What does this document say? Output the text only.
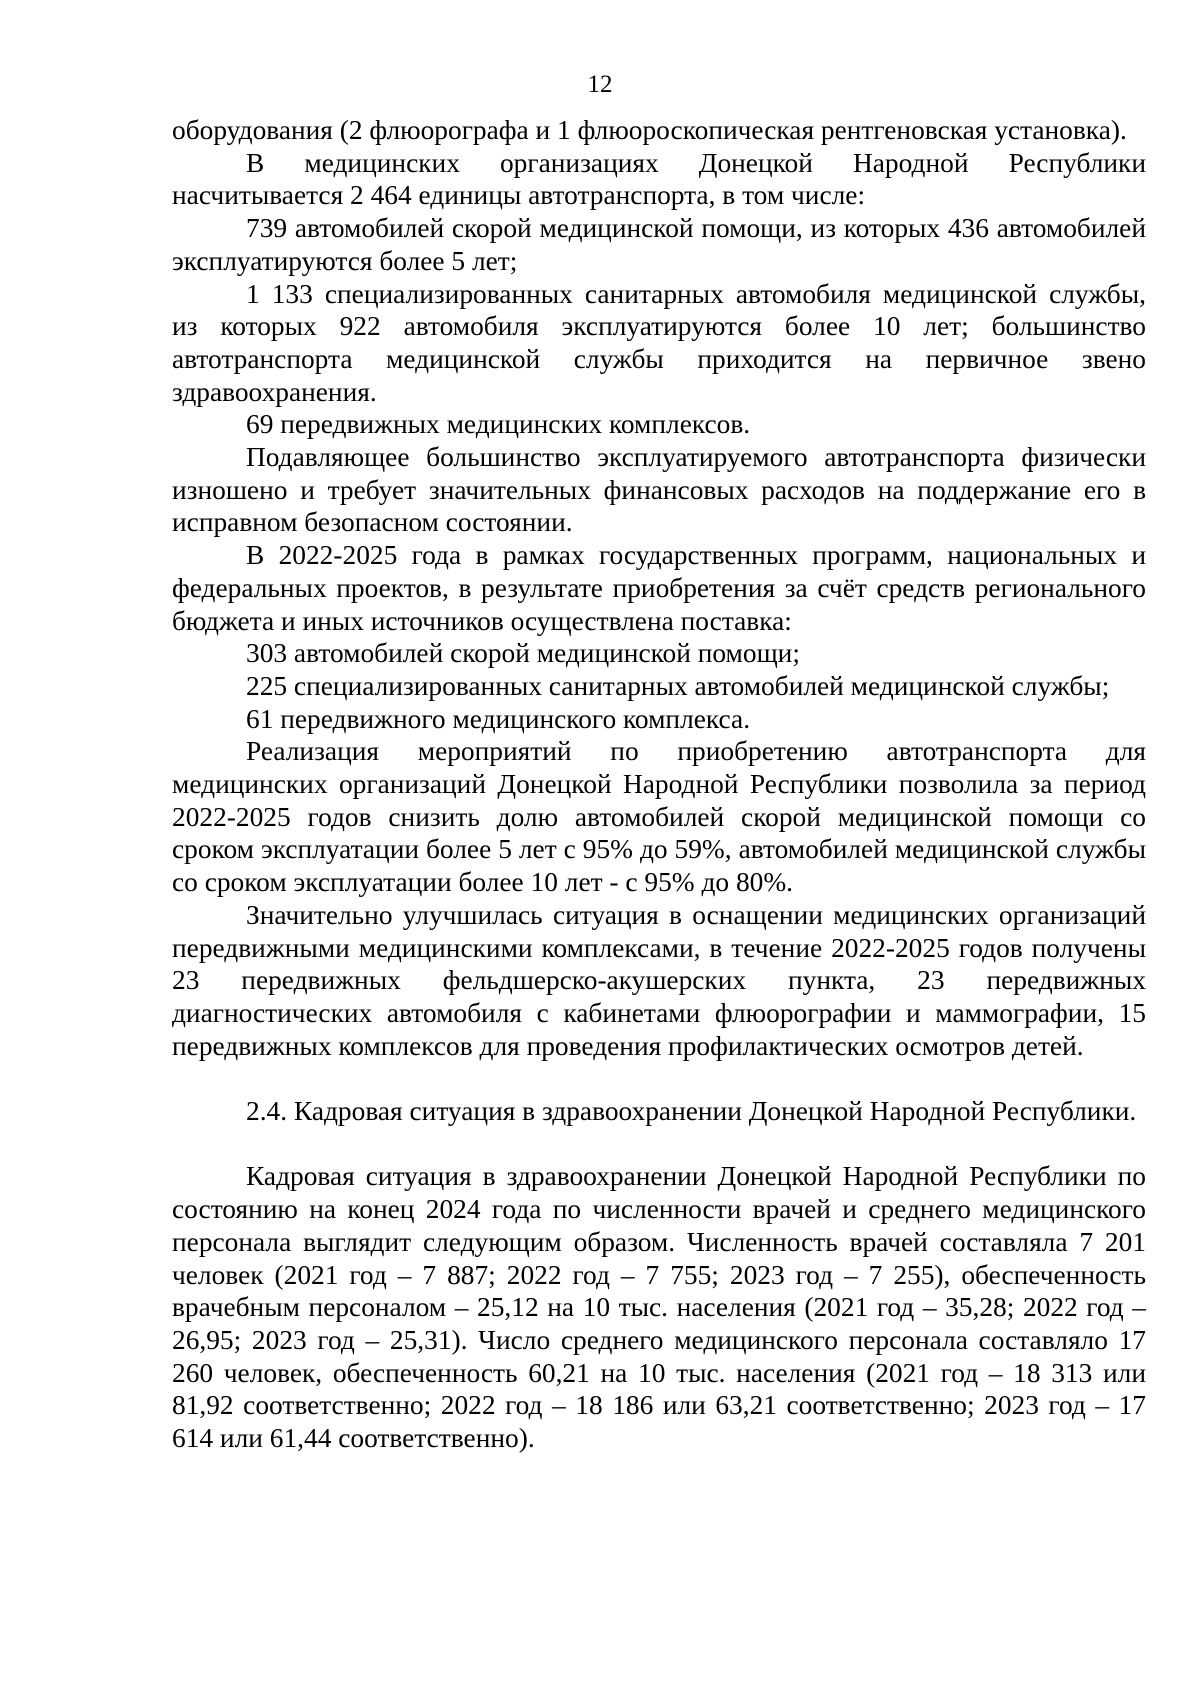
12

оборудования (2 флюорографа и 1 флюороскопическая рентгеновская установка).

В медицинских организациях Донецкой Народной Республики насчитывается 2 464 единицы автотранспорта, в том числе:

739 автомобилей скорой медицинской помощи, из которых 436 автомобилей эксплуатируются более 5 лет;

1 133 специализированных санитарных автомобиля медицинской службы, из которых 922 автомобиля эксплуатируются более 10 лет; большинство автотранспорта медицинской службы приходится на первичное звено здравоохранения.

69 передвижных медицинских комплексов.

Подавляющее большинство эксплуатируемого автотранспорта физически изношено и требует значительных финансовых расходов на поддержание его в исправном безопасном состоянии.

В 2022-2025 года в рамках государственных программ, национальных и федеральных проектов, в результате приобретения за счёт средств регионального бюджета и иных источников осуществлена поставка:

303 автомобилей скорой медицинской помощи;

225 специализированных санитарных автомобилей медицинской службы;

61 передвижного медицинского комплекса.

Реализация мероприятий по приобретению автотранспорта для медицинских организаций Донецкой Народной Республики позволила за период 2022-2025 годов снизить долю автомобилей скорой медицинской помощи со сроком эксплуатации более 5 лет с 95% до 59%, автомобилей медицинской службы со сроком эксплуатации более 10 лет - с 95% до 80%.

Значительно улучшилась ситуация в оснащении медицинских организаций передвижными медицинскими комплексами, в течение 2022-2025 годов получены 23 передвижных фельдшерско-акушерских пункта, 23 передвижных диагностических автомобиля с кабинетами флюорографии и маммографии, 15 передвижных комплексов для проведения профилактических осмотров детей.

2.4. Кадровая ситуация в здравоохранении Донецкой Народной Республики.

Кадровая ситуация в здравоохранении Донецкой Народной Республики по состоянию на конец 2024 года по численности врачей и среднего медицинского персонала выглядит следующим образом. Численность врачей составляла 7 201 человек (2021 год – 7 887; 2022 год – 7 755; 2023 год – 7 255), обеспеченность врачебным персоналом – 25,12 на 10 тыс. населения (2021 год – 35,28; 2022 год – 26,95; 2023 год – 25,31). Число среднего медицинского персонала составляло 17 260 человек, обеспеченность 60,21 на 10 тыс. населения (2021 год – 18 313 или 81,92 соответственно; 2022 год – 18 186 или 63,21 соответственно; 2023 год – 17 614 или 61,44 соответственно).
